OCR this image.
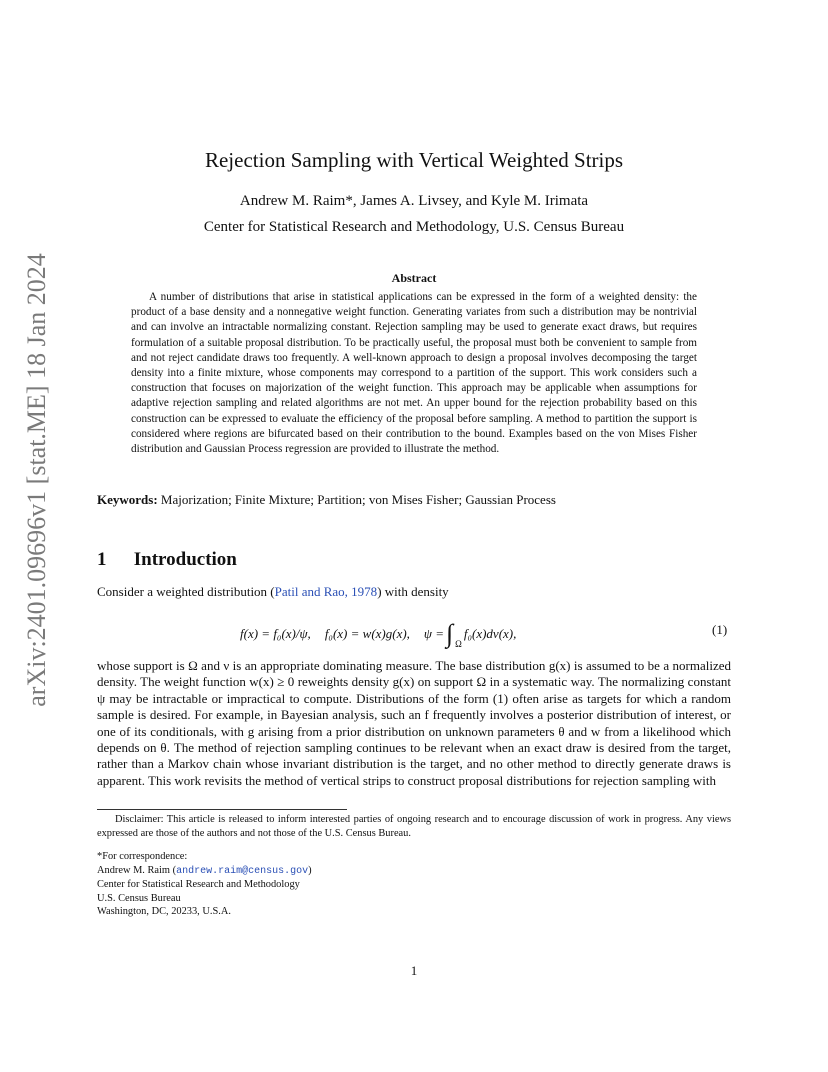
arXiv:2401.09696v1 [stat.ME] 18 Jan 2024
Rejection Sampling with Vertical Weighted Strips
Andrew M. Raim*, James A. Livsey, and Kyle M. Irimata
Center for Statistical Research and Methodology, U.S. Census Bureau
Abstract
A number of distributions that arise in statistical applications can be expressed in the form of a weighted density: the product of a base density and a nonnegative weight function. Generating variates from such a distribution may be nontrivial and can involve an intractable normalizing constant. Rejection sampling may be used to generate exact draws, but requires formulation of a suitable proposal distribution. To be practically useful, the proposal must both be convenient to sample from and not reject candidate draws too frequently. A well-known approach to design a proposal involves decomposing the target density into a finite mixture, whose components may correspond to a partition of the support. This work considers such a construction that focuses on majorization of the weight function. This approach may be applicable when assumptions for adaptive rejection sampling and related algorithms are not met. An upper bound for the rejection probability based on this construction can be expressed to evaluate the efficiency of the proposal before sampling. A method to partition the support is considered where regions are bifurcated based on their contribution to the bound. Examples based on the von Mises Fisher distribution and Gaussian Process regression are provided to illustrate the method.
Keywords: Majorization; Finite Mixture; Partition; von Mises Fisher; Gaussian Process
1 Introduction
Consider a weighted distribution (Patil and Rao, 1978) with density
f(x) = f₀(x)/ψ, f₀(x) = w(x)g(x), ψ = ∫ Ω
f₀(x)dν(x),	(1)
whose support is Ω and ν is an appropriate dominating measure. The base distribution g(x) is assumed to be a normalized density. The weight function w(x) ≥ 0 reweights density g(x) on support Ω in a systematic way. The normalizing constant ψ may be intractable or impractical to compute. Distributions of the form (1) often arise as targets for which a random sample is desired. For example, in Bayesian analysis, such an f frequently involves a posterior distribution of interest, or one of its conditionals, with g arising from a prior distribution on unknown parameters θ and w from a likelihood which depends on θ. The method of rejection sampling continues to be relevant when an exact draw is desired from the target, rather than a Markov chain whose invariant distribution is the target, and no other method to directly generate draws is apparent. This work revisits the method of vertical strips to construct proposal distributions for rejection sampling with
Disclaimer: This article is released to inform interested parties of ongoing research and to encourage discussion of work in progress. Any views expressed are those of the authors and not those of the U.S. Census Bureau.
*For correspondence:
Andrew M. Raim (andrew.raim@census.gov)
Center for Statistical Research and Methodology
U.S. Census Bureau
Washington, DC, 20233, U.S.A.
1
